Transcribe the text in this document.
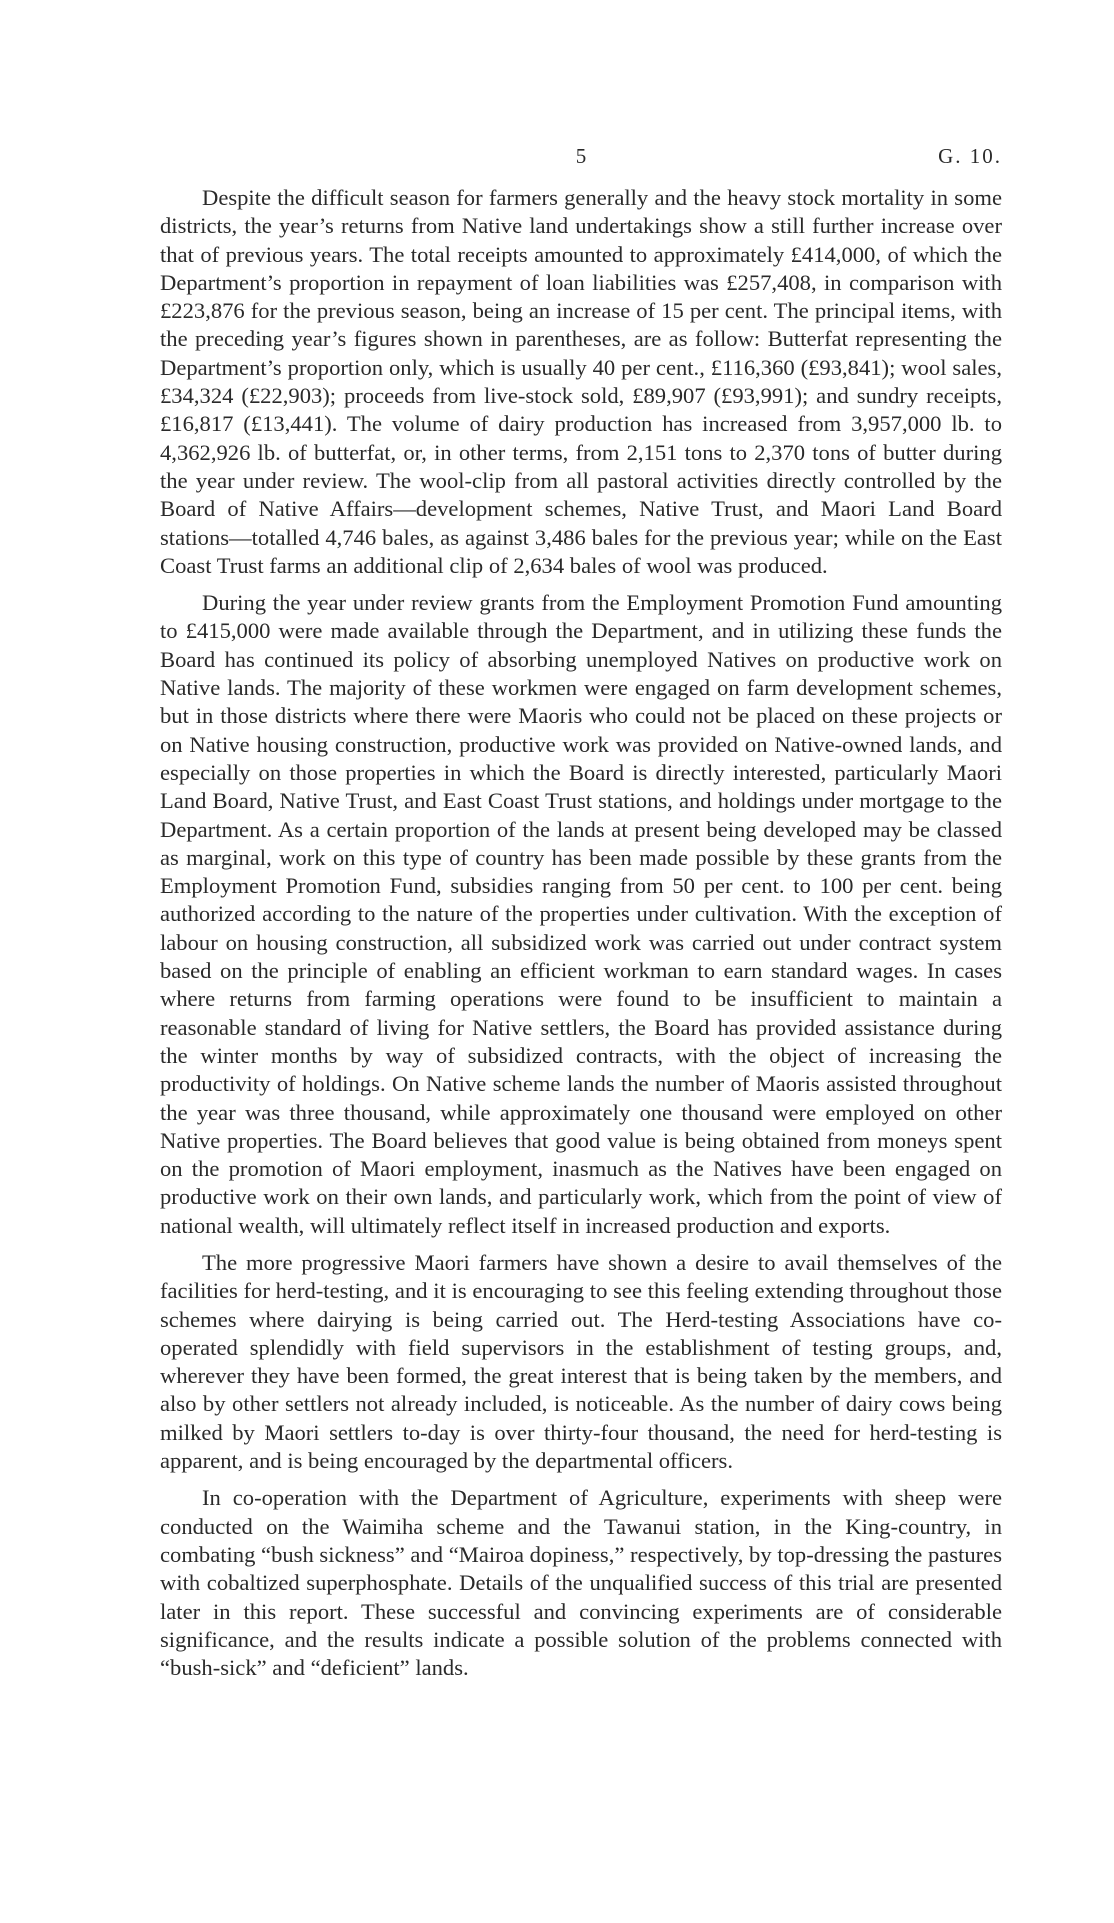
5	G. 10.

Despite the difficult season for farmers generally and the heavy stock mortality in some districts, the year’s returns from Native land undertakings show a still further increase over that of previous years. The total receipts amounted to approximately £414,000, of which the Department’s proportion in repayment of loan liabilities was £257,408, in comparison with £223,876 for the previous season, being an increase of 15 per cent. The principal items, with the preceding year’s figures shown in parentheses, are as follow: Butterfat representing the Department’s proportion only, which is usually 40 per cent., £116,360 (£93,841); wool sales, £34,324 (£22,903); proceeds from live-stock sold, £89,907 (£93,991); and sundry receipts, £16,817 (£13,441). The volume of dairy production has increased from 3,957,000 lb. to 4,362,926 lb. of butterfat, or, in other terms, from 2,151 tons to 2,370 tons of butter during the year under review. The wool-clip from all pastoral activities directly controlled by the Board of Native Affairs—development schemes, Native Trust, and Maori Land Board stations—totalled 4,746 bales, as against 3,486 bales for the previous year; while on the East Coast Trust farms an additional clip of 2,634 bales of wool was produced.

During the year under review grants from the Employment Promotion Fund amounting to £415,000 were made available through the Department, and in utilizing these funds the Board has continued its policy of absorbing unemployed Natives on productive work on Native lands. The majority of these workmen were engaged on farm development schemes, but in those districts where there were Maoris who could not be placed on these projects or on Native housing construction, productive work was provided on Native-owned lands, and especially on those properties in which the Board is directly interested, particularly Maori Land Board, Native Trust, and East Coast Trust stations, and holdings under mortgage to the Department. As a certain proportion of the lands at present being developed may be classed as marginal, work on this type of country has been made possible by these grants from the Employment Promotion Fund, subsidies ranging from 50 per cent. to 100 per cent. being authorized according to the nature of the properties under cultivation. With the exception of labour on housing construction, all subsidized work was carried out under contract system based on the principle of enabling an efficient workman to earn standard wages. In cases where returns from farming operations were found to be insufficient to maintain a reasonable standard of living for Native settlers, the Board has provided assistance during the winter months by way of subsidized contracts, with the object of increasing the productivity of holdings. On Native scheme lands the number of Maoris assisted throughout the year was three thousand, while approximately one thousand were employed on other Native properties. The Board believes that good value is being obtained from moneys spent on the promotion of Maori employment, inasmuch as the Natives have been engaged on productive work on their own lands, and particularly work, which from the point of view of national wealth, will ultimately reflect itself in increased production and exports.

The more progressive Maori farmers have shown a desire to avail themselves of the facilities for herd-testing, and it is encouraging to see this feeling extending throughout those schemes where dairying is being carried out. The Herd-testing Associations have co-operated splendidly with field supervisors in the establishment of testing groups, and, wherever they have been formed, the great interest that is being taken by the members, and also by other settlers not already included, is noticeable. As the number of dairy cows being milked by Maori settlers to-day is over thirty-four thousand, the need for herd-testing is apparent, and is being encouraged by the departmental officers.

In co-operation with the Department of Agriculture, experiments with sheep were conducted on the Waimiha scheme and the Tawanui station, in the King-country, in combating “bush sickness” and “Mairoa dopiness,” respectively, by top-dressing the pastures with cobaltized superphosphate. Details of the unqualified success of this trial are presented later in this report. These successful and convincing experiments are of considerable significance, and the results indicate a possible solution of the problems connected with “bush-sick” and “deficient” lands.
